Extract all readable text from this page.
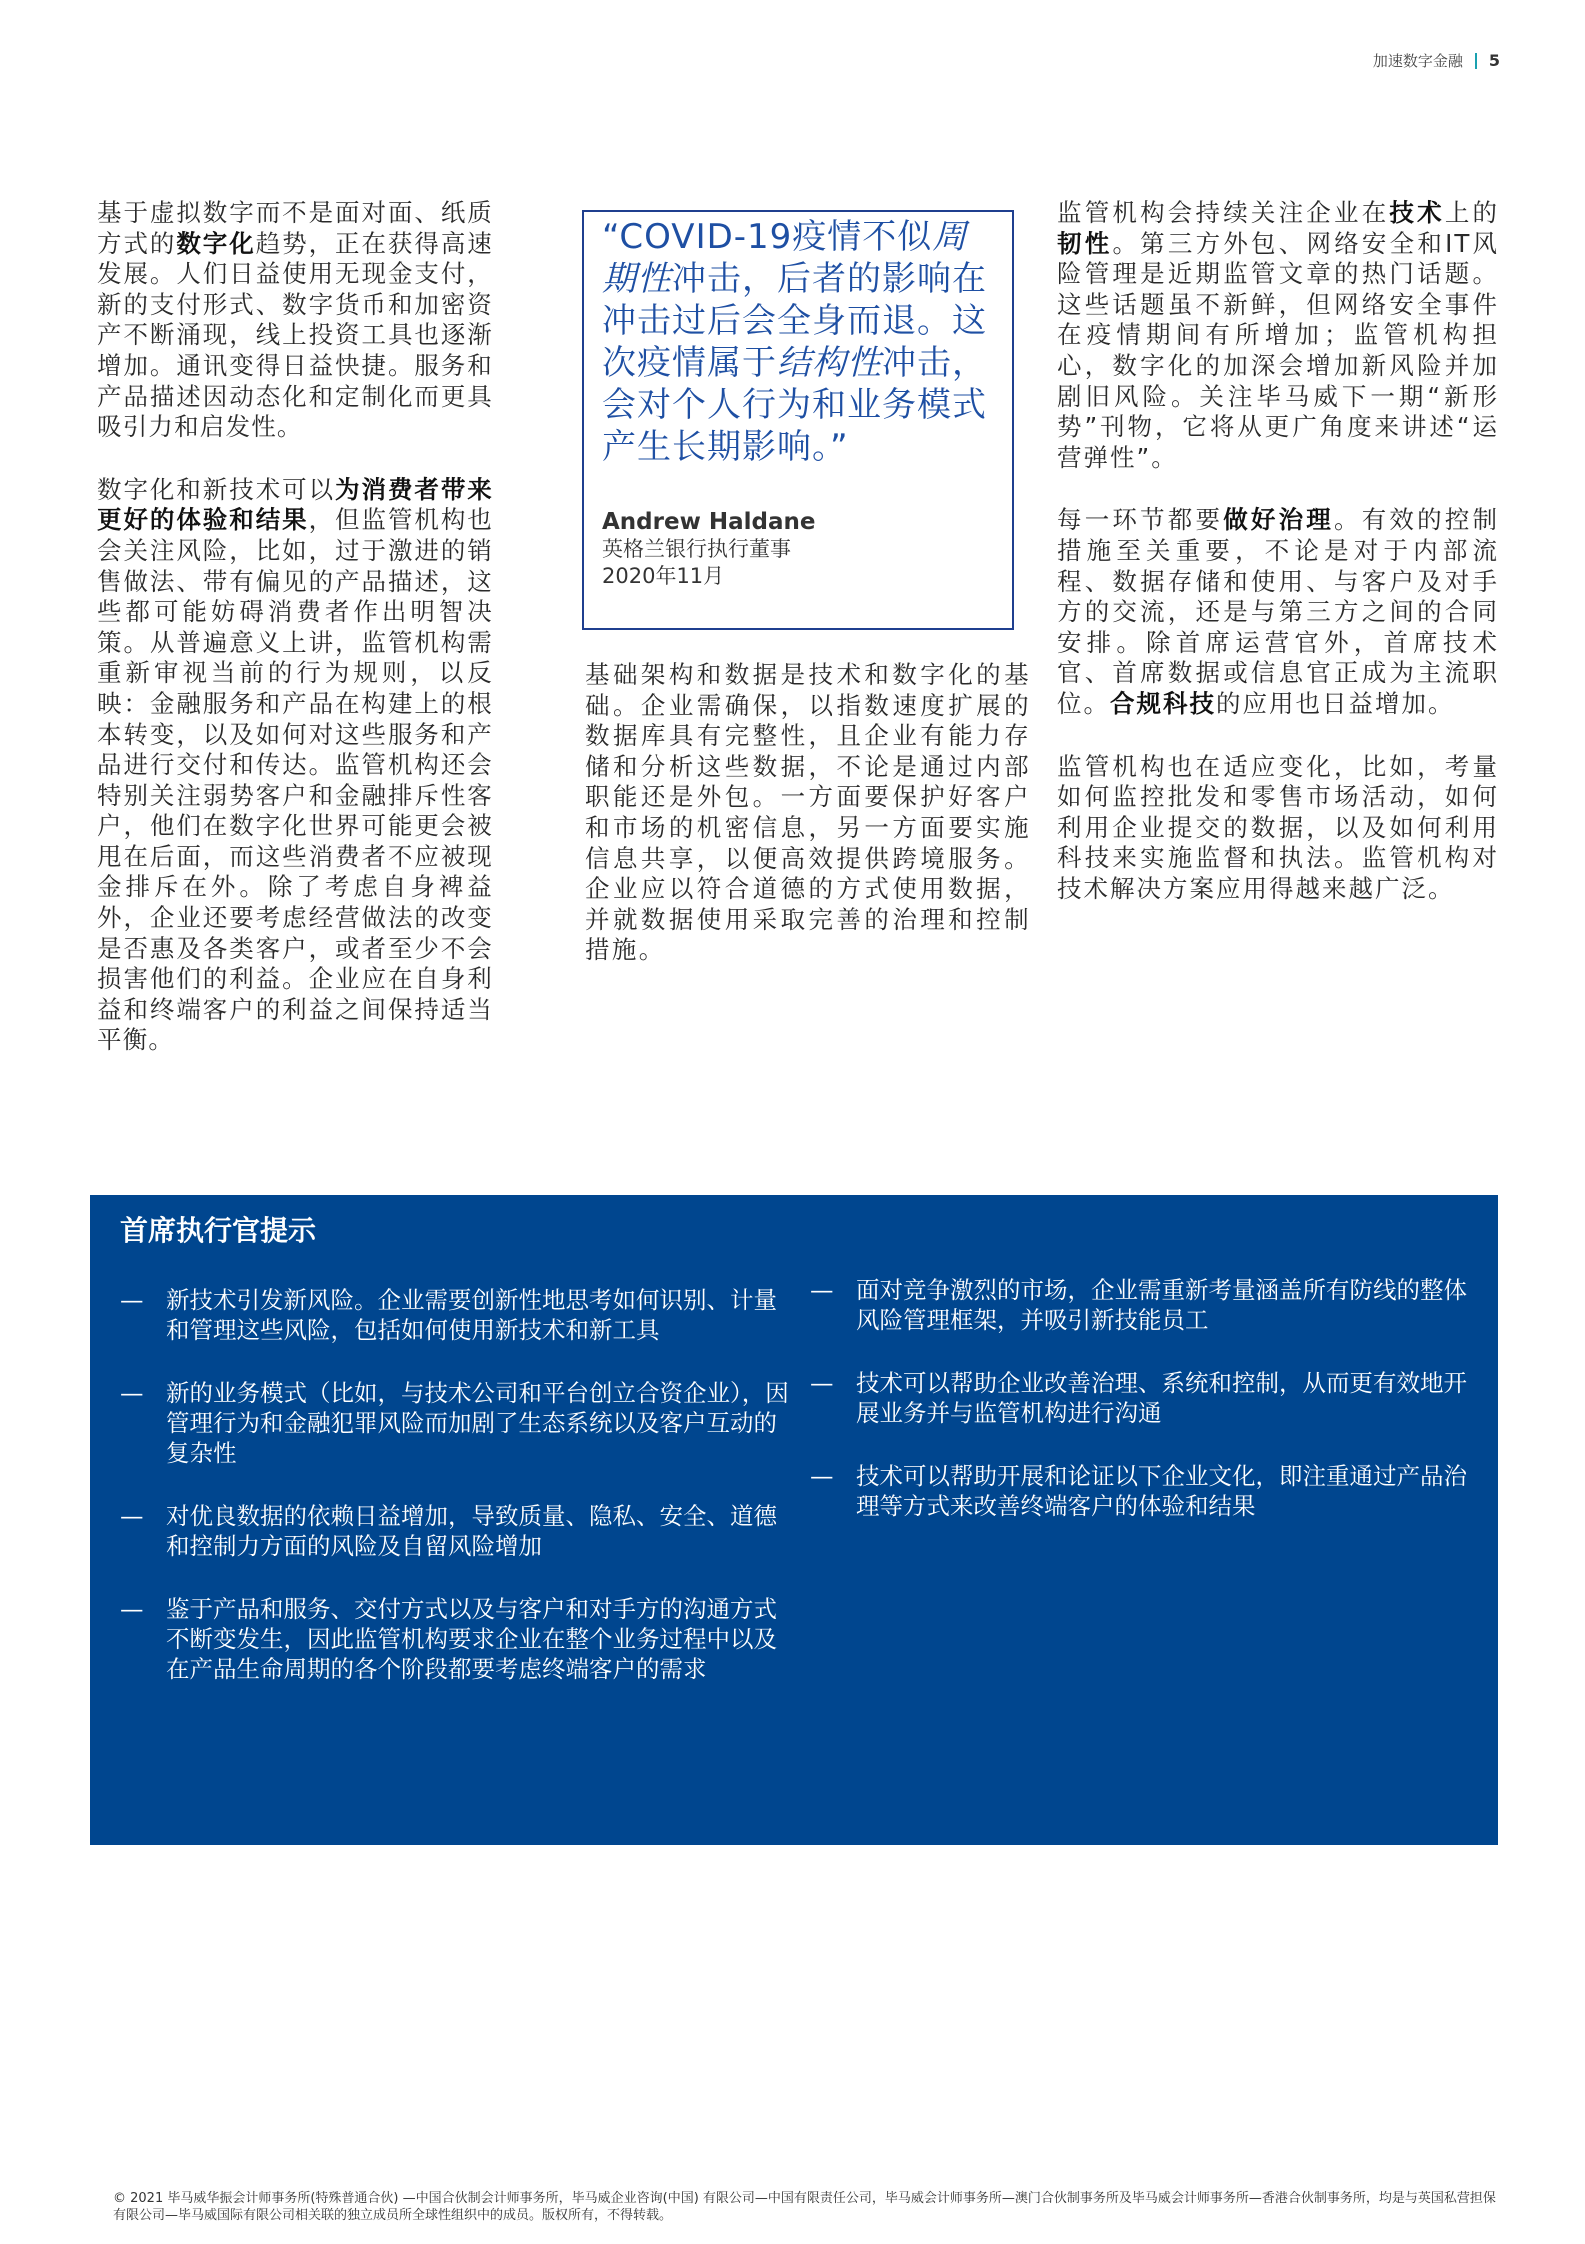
加速数字金融 5

基于虚拟数字而不是面对面、纸质方式的数字化趋势，正在获得高速发展。人们日益使用无现金支付，新的支付形式、数字货币和加密资产不断涌现，线上投资工具也逐渐增加。通讯变得日益快捷。服务和产品描述因动态化和定制化而更具吸引力和启发性。

数字化和新技术可以为消费者带来更好的体验和结果，但监管机构也会关注风险，比如，过于激进的销售做法、带有偏见的产品描述，这些都可能妨碍消费者作出明智决策。从普遍意义上讲，监管机构需重新审视当前的行为规则，以反映：金融服务和产品在构建上的根本转变，以及如何对这些服务和产品进行交付和传达。监管机构还会特别关注弱势客户和金融排斥性客户，他们在数字化世界可能更会被甩在后面，而这些消费者不应被现金排斥在外。除了考虑自身裨益外，企业还要考虑经营做法的改变是否惠及各类客户，或者至少不会损害他们的利益。企业应在自身利益和终端客户的利益之间保持适当平衡。

“COVID-19疫情不似周期性冲击，后者的影响在冲击过后会全身而退。这次疫情属于结构性冲击，会对个人行为和业务模式产生长期影响。”
Andrew Haldane
英格兰银行执行董事
2020年11月

基础架构和数据是技术和数字化的基础。企业需确保，以指数速度扩展的数据库具有完整性，且企业有能力存储和分析这些数据，不论是通过内部职能还是外包。一方面要保护好客户和市场的机密信息，另一方面要实施信息共享，以便高效提供跨境服务。企业应以符合道德的方式使用数据，并就数据使用采取完善的治理和控制措施。

监管机构会持续关注企业在技术上的韧性。第三方外包、网络安全和IT风险管理是近期监管文章的热门话题。这些话题虽不新鲜，但网络安全事件在疫情期间有所增加；监管机构担心，数字化的加深会增加新风险并加剧旧风险。关注毕马威下一期“新形势”刊物，它将从更广角度来讲述“运营弹性”。

每一环节都要做好治理。有效的控制措施至关重要，不论是对于内部流程、数据存储和使用、与客户及对手方的交流，还是与第三方之间的合同安排。除首席运营官外，首席技术官、首席数据或信息官正成为主流职位。合规科技的应用也日益增加。

监管机构也在适应变化，比如，考量如何监控批发和零售市场活动，如何利用企业提交的数据，以及如何利用科技来实施监督和执法。监管机构对技术解决方案应用得越来越广泛。

首席执行官提示
— 新技术引发新风险。企业需要创新性地思考如何识别、计量和管理这些风险，包括如何使用新技术和新工具
— 新的业务模式（比如，与技术公司和平台创立合资企业），因管理行为和金融犯罪风险而加剧了生态系统以及客户互动的复杂性
— 对优良数据的依赖日益增加，导致质量、隐私、安全、道德和控制力方面的风险及自留风险增加
— 鉴于产品和服务、交付方式以及与客户和对手方的沟通方式不断变发生，因此监管机构要求企业在整个业务过程中以及在产品生命周期的各个阶段都要考虑终端客户的需求
— 面对竞争激烈的市场，企业需重新考量涵盖所有防线的整体风险管理框架，并吸引新技能员工
— 技术可以帮助企业改善治理、系统和控制，从而更有效地开展业务并与监管机构进行沟通
— 技术可以帮助开展和论证以下企业文化，即注重通过产品治理等方式来改善终端客户的体验和结果
© 2021 毕马威华振会计师事务所(特殊普通合伙) —中国合伙制会计师事务所，毕马威企业咨询(中国) 有限公司—中国有限责任公司，毕马威会计师事务所—澳门合伙制事务所及毕马威会计师事务所—香港合伙制事务所，均是与英国私营担保有限公司—毕马威国际有限公司相关联的独立成员所全球性组织中的成员。版权所有，不得转载。
